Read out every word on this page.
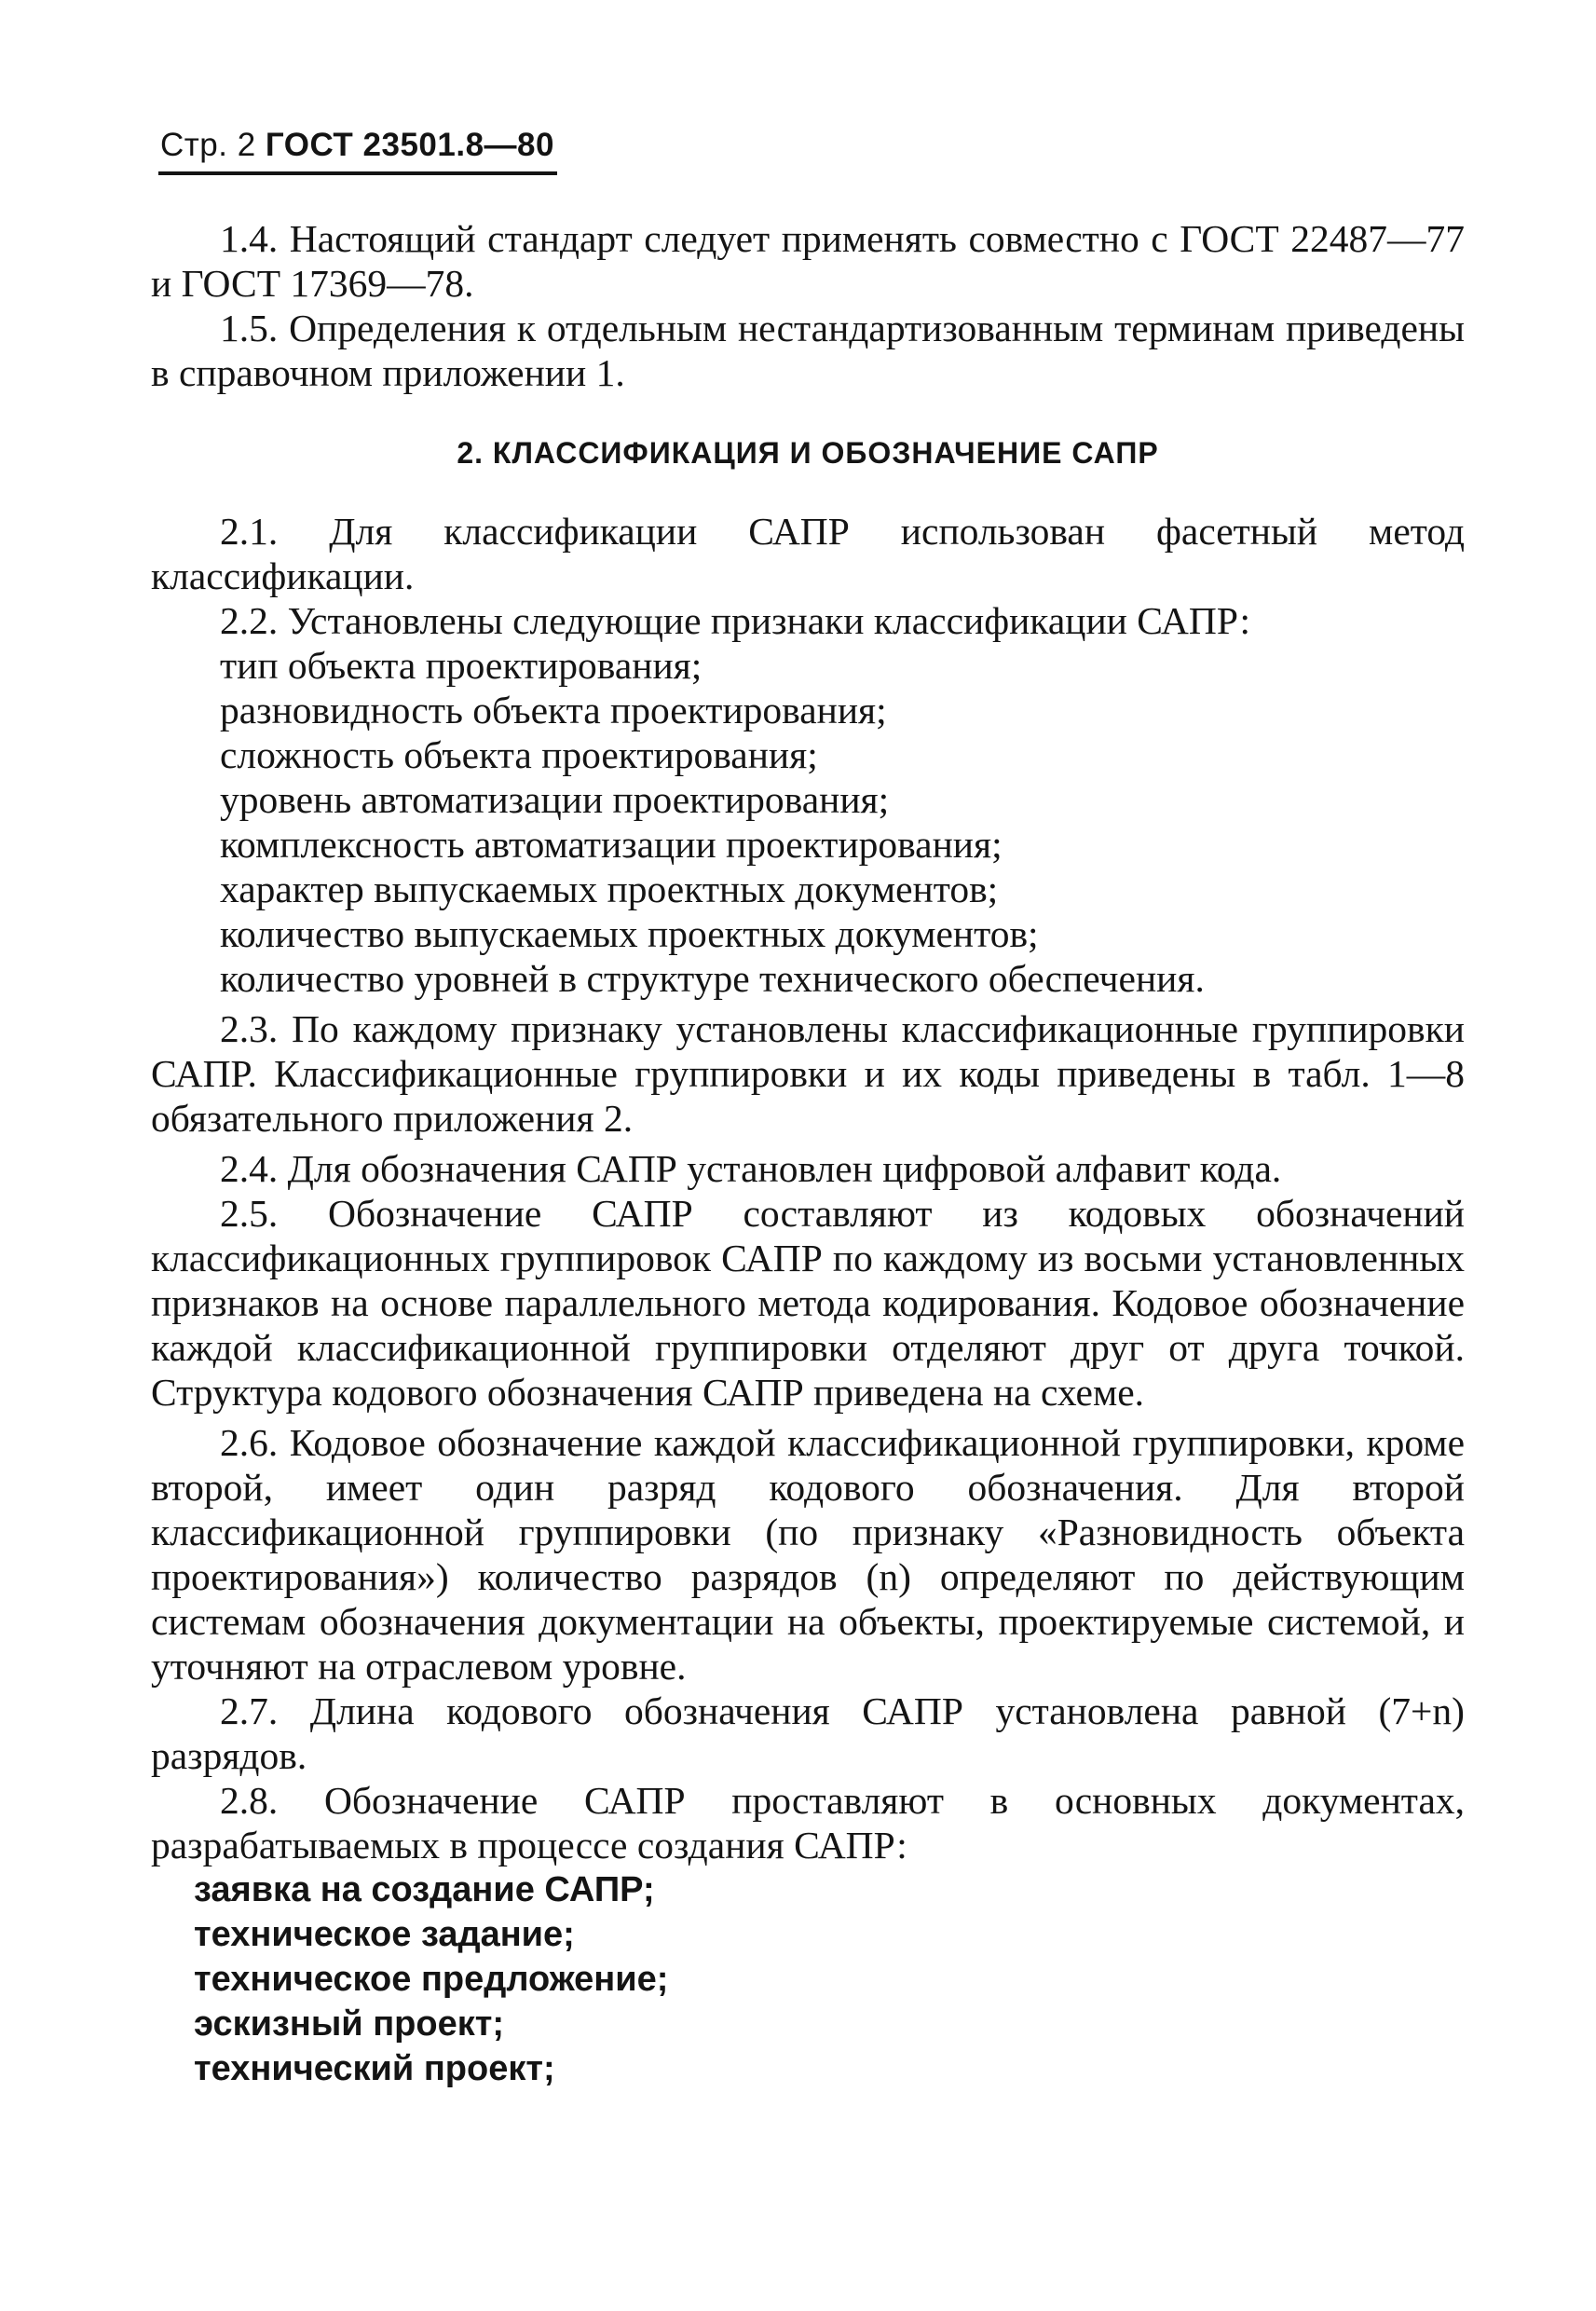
Стр. 2 ГОСТ 23501.8—80

1.4. Настоящий стандарт следует применять совместно с ГОСТ 22487—77 и ГОСТ 17369—78.

1.5. Определения к отдельным нестандартизованным терминам приведены в справочном приложении 1.

2. КЛАССИФИКАЦИЯ И ОБОЗНАЧЕНИЕ САПР

2.1. Для классификации САПР использован фасетный метод классификации.

2.2. Установлены следующие признаки классификации САПР:

тип объекта проектирования;
разновидность объекта проектирования;
сложность объекта проектирования;
уровень автоматизации проектирования;
комплексность автоматизации проектирования;
характер выпускаемых проектных документов;
количество выпускаемых проектных документов;
количество уровней в структуре технического обеспечения.

2.3. По каждому признаку установлены классификационные группировки САПР. Классификационные группировки и их коды приведены в табл. 1—8 обязательного приложения 2.

2.4. Для обозначения САПР установлен цифровой алфавит кода.

2.5. Обозначение САПР составляют из кодовых обозначений классификационных группировок САПР по каждому из восьми установленных признаков на основе параллельного метода кодирования. Кодовое обозначение каждой классификационной группировки отделяют друг от друга точкой. Структура кодового обозначения САПР приведена на схеме.

2.6. Кодовое обозначение каждой классификационной группировки, кроме второй, имеет один разряд кодового обозначения. Для второй классификационной группировки (по признаку «Разновидность объекта проектирования») количество разрядов (n) определяют по действующим системам обозначения документации на объекты, проектируемые системой, и уточняют на отраслевом уровне.

2.7. Длина кодового обозначения САПР установлена равной (7+n) разрядов.

2.8. Обозначение САПР проставляют в основных документах, разрабатываемых в процессе создания САПР:

заявка на создание САПР;
техническое задание;
техническое предложение;
эскизный проект;
технический проект;
